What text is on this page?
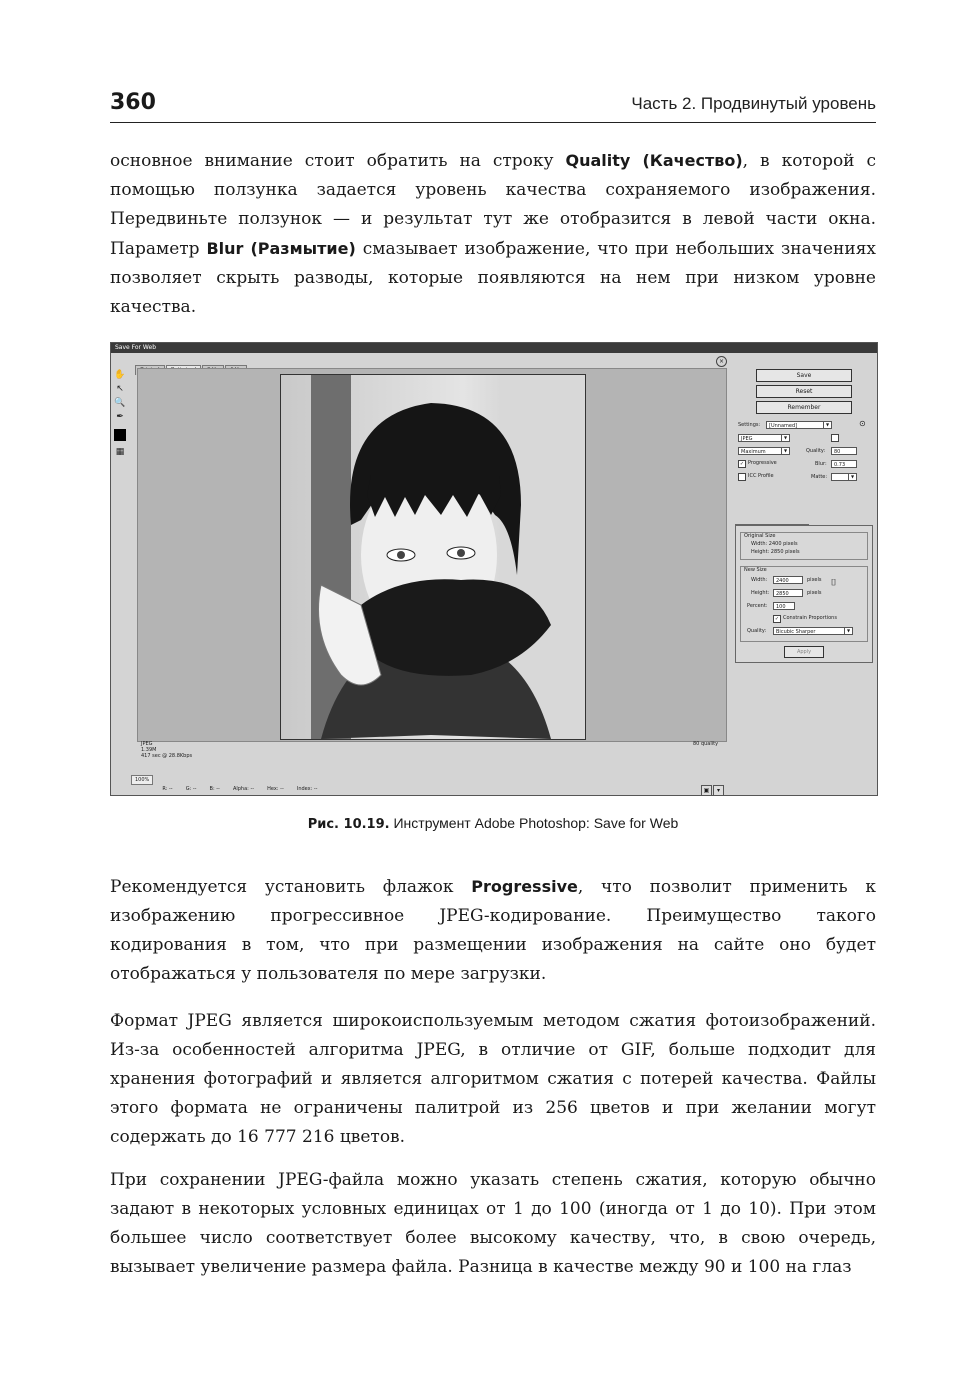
360	Часть 2. Продвинутый уровень
основное внимание стоит обратить на строку Quality (Качество), в которой с помощью ползунка задается уровень качества сохраняемого изображения. Передвиньте ползунок — и результат тут же отобразится в левой части окна. Параметр Blur (Размытие) смазывает изображение, что при небольших значениях позволяет скрыть разводы, которые появляются на нем при низком уровне качества.
Save For Web
×
✋
↖
🔍
✒
▦
JPEG
1.39M
417 sec @ 28.8Kbps
80 quality
100% R: --	G: --	B: --	Alpha: --	Hex: --	Index: --	▣ ▾
Save
Reset
Remember
Settings:	[Unnamed]	▼	⊙
JPEG	▼
Maximum	▼	Quality:	80
✓ Progressive	Blur:	0.73
ICC Profile	Matte:	▼
Original Size
Width: 2400 pixels
Height: 2850 pixels
New Size
Width:	2400	pixels
Height:	2850	pixels
⌷
Percent:	100
✓ Constrain Proportions
Quality:	Bicubic Sharper	▼
Apply
Рис. 10.19. Инструмент Adobe Photoshop: Save for Web
Рекомендуется установить флажок Progressive, что позволит применить к изображению прогрессивное JPEG-кодирование. Преимущество такого кодирования в том, что при размещении изображения на сайте оно будет отображаться у пользователя по мере загрузки.
Формат JPEG является широкоиспользуемым методом сжатия фотоизображений. Из-за особенностей алгоритма JPEG, в отличие от GIF, больше подходит для хранения фотографий и является алгоритмом сжатия с потерей качества. Файлы этого формата не ограничены палитрой из 256 цветов и при желании могут содержать до 16 777 216 цветов.
При сохранении JPEG-файла можно указать степень сжатия, которую обычно задают в некоторых условных единицах от 1 до 100 (иногда от 1 до 10). При этом большее число соответствует более высокому качеству, что, в свою очередь, вызывает увеличение размера файла. Разница в качестве между 90 и 100 на глаз
